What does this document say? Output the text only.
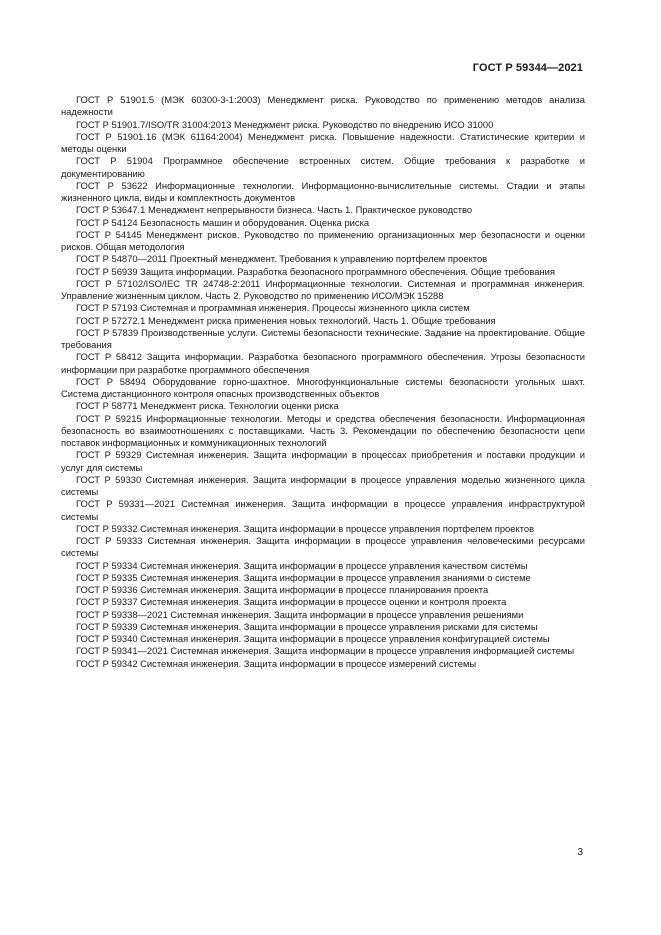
ГОСТ Р 59344—2021
ГОСТ Р 51901.5 (МЭК 60300-3-1:2003) Менеджмент риска. Руководство по применению методов анализа надежности
ГОСТ Р 51901.7/ISO/TR 31004:2013 Менеджмент риска. Руководство по внедрению ИСО 31000
ГОСТ Р 51901.16 (МЭК 61164:2004) Менеджмент риска. Повышение надежности. Статистические критерии и методы оценки
ГОСТ Р 51904 Программное обеспечение встроенных систем. Общие требования к разработке и документированию
ГОСТ Р 53622 Информационные технологии. Информационно-вычислительные системы. Стадии и этапы жизненного цикла, виды и комплектность документов
ГОСТ Р 53647.1 Менеджмент непрерывности бизнеса. Часть 1. Практическое руководство
ГОСТ Р 54124 Безопасность машин и оборудования. Оценка риска
ГОСТ Р 54145 Менеджмент рисков. Руководство по применению организационных мер безопасности и оценки рисков. Общая методология
ГОСТ Р 54870—2011 Проектный менеджмент. Требования к управлению портфелем проектов
ГОСТ Р 56939 Защита информации. Разработка безопасного программного обеспечения. Общие требования
ГОСТ Р 57102/ISO/IEC TR 24748-2:2011 Информационные технологии. Системная и программная инженерия. Управление жизненным циклом. Часть 2. Руководство по применению ИСО/МЭК 15288
ГОСТ Р 57193 Системная и программная инженерия. Процессы жизненного цикла систем
ГОСТ Р 57272.1 Менеджмент риска применения новых технологий. Часть 1. Общие требования
ГОСТ Р 57839 Производственные услуги. Системы безопасности технические. Задание на проектирование. Общие требования
ГОСТ Р 58412 Защита информации. Разработка безопасного программного обеспечения. Угрозы безопасности информации при разработке программного обеспечения
ГОСТ Р 58494 Оборудование горно-шахтное. Многофункциональные системы безопасности угольных шахт. Система дистанционного контроля опасных производственных объектов
ГОСТ Р 58771 Менеджмент риска. Технологии оценки риска
ГОСТ Р 59215 Информационные технологии. Методы и средства обеспечения безопасности. Информационная безопасность во взаимоотношениях с поставщиками. Часть 3. Рекомендации по обеспечению безопасности цепи поставок информационных и коммуникационных технологий
ГОСТ Р 59329 Системная инженерия. Защита информации в процессах приобретения и поставки продукции и услуг для системы
ГОСТ Р 59330 Системная инженерия. Защита информации в процессе управления моделью жизненного цикла системы
ГОСТ Р 59331—2021 Системная инженерия. Защита информации в процессе управления инфраструктурой системы
ГОСТ Р 59332 Системная инженерия. Защита информации в процессе управления портфелем проектов
ГОСТ Р 59333 Системная инженерия. Защита информации в процессе управления человеческими ресурсами системы
ГОСТ Р 59334 Системная инженерия. Защита информации в процессе управления качеством системы
ГОСТ Р 59335 Системная инженерия. Защита информации в процессе управления знаниями о системе
ГОСТ Р 59336 Системная инженерия. Защита информации в процессе планирования проекта
ГОСТ Р 59337 Системная инженерия. Защита информации в процессе оценки и контроля проекта
ГОСТ Р 59338—2021 Системная инженерия. Защита информации в процессе управления решениями
ГОСТ Р 59339 Системная инженерия. Защита информации в процессе управления рисками для системы
ГОСТ Р 59340 Системная инженерия. Защита информации в процессе управления конфигурацией системы
ГОСТ Р 59341—2021 Системная инженерия. Защита информации в процессе управления информацией системы
ГОСТ Р 59342 Системная инженерия. Защита информации в процессе измерений системы
3
